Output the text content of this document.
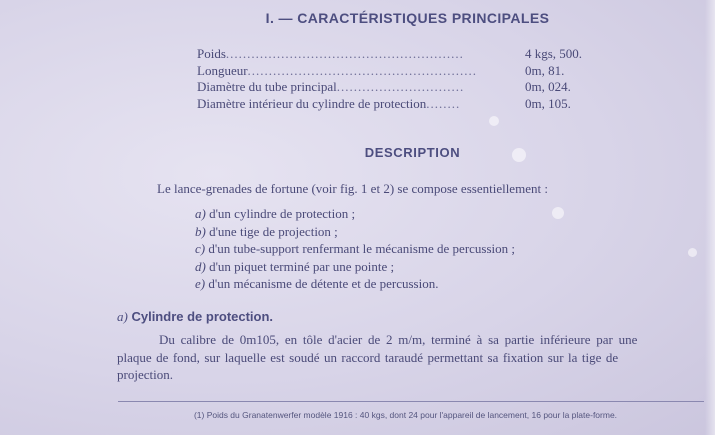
I. — CARACTÉRISTIQUES PRINCIPALES
Poids ........................................................	4 kgs, 500.
Longueur ......................................................	0m, 81.
Diamètre du tube principal ..............................	0m, 024.
Diamètre intérieur du cylindre de protection ........	0m, 105.
DESCRIPTION
Le lance-grenades de fortune (voir fig. 1 et 2) se compose essentiellement :
a) d'un cylindre de protection ;
b) d'une tige de projection ;
c) d'un tube-support renfermant le mécanisme de percussion ;
d) d'un piquet terminé par une pointe ;
e) d'un mécanisme de détente et de percussion.
a) Cylindre de protection.

Du calibre de 0m105, en tôle d'acier de 2 m/m, terminé à sa partie inférieure par une

plaque de fond, sur laquelle est soudé un raccord taraudé permettant sa fixation sur la tige de

projection.

(1) Poids du Granatenwerfer modèle 1916 : 40 kgs, dont 24 pour l'appareil de lancement, 16 pour la plate-forme.
